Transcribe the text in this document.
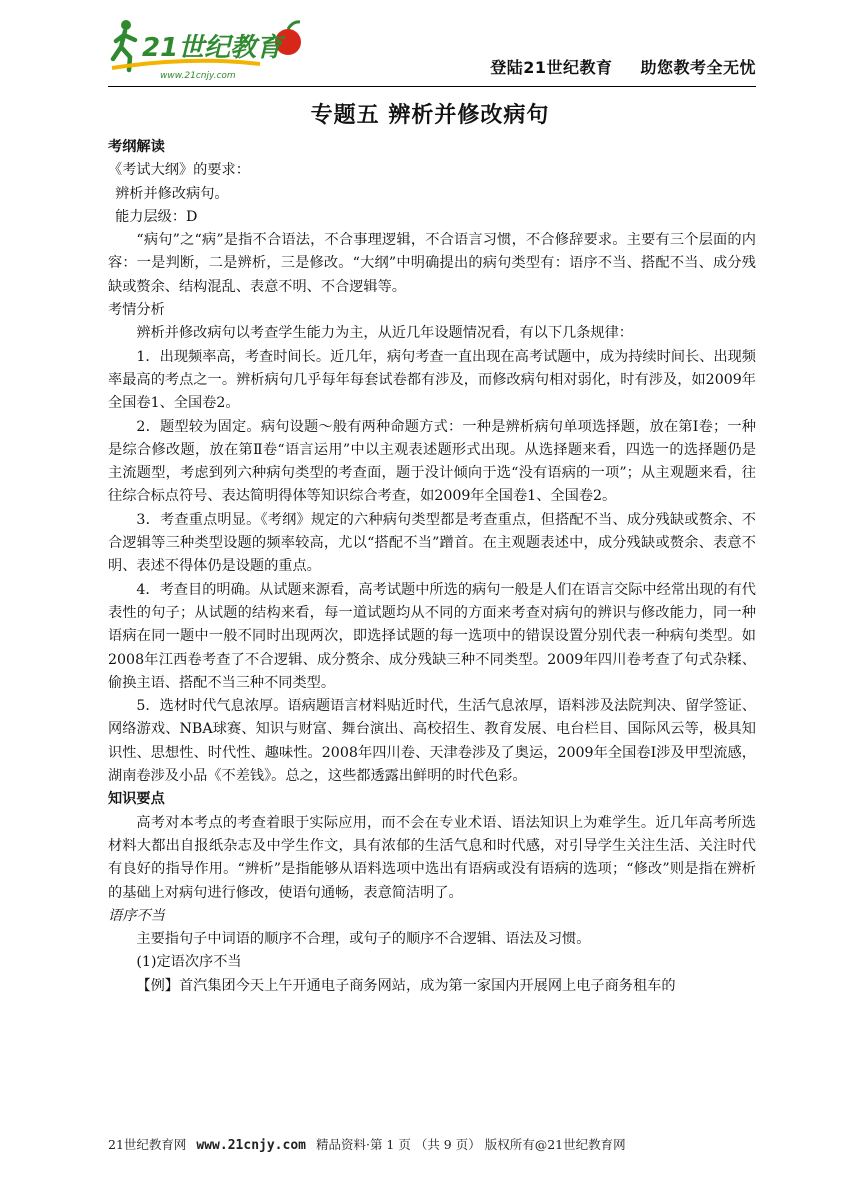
21世纪教育
www.21cnjy.com	登陆21世纪教育 助您教考全无忧
专题五 辨析并修改病句

考纲解读

《考试大纲》的要求：

辨析并修改病句。

能力层级：D

“病句”之“病”是指不合语法，不合事理逻辑，不合语言习惯，不合修辞要求。主要有三个层面的内容：一是判断，二是辨析，三是修改。“大纲”中明确提出的病句类型有：语序不当、搭配不当、成分残缺或赘余、结构混乱、表意不明、不合逻辑等。

考情分析

辨析并修改病句以考查学生能力为主，从近几年设题情况看，有以下几条规律：

1．出现频率高，考查时间长。近几年，病句考查一直出现在高考试题中，成为持续时间长、出现频率最高的考点之一。辨析病句几乎每年每套试卷都有涉及，而修改病句相对弱化，时有涉及，如2009年全国卷1、全国卷2。

2．题型较为固定。病句设题～般有两种命题方式：一种是辨析病句单项选择题，放在第Ⅰ卷；一种是综合修改题，放在第Ⅱ卷“语言运用”中以主观表述题形式出现。从选择题来看，四选一的选择题仍是主流题型，考虑到列六种病句类型的考查面，题于没计倾向于选“没有语病的一项”；从主观题来看，往往综合标点符号、表达简明得体等知识综合考查，如2009年全国卷1、全国卷2。

3．考查重点明显。《考纲》规定的六种病句类型都是考查重点，但搭配不当、成分残缺或赘余、不合逻辑等三种类型设题的频率较高，尤以“搭配不当”蹭首。在主观题表述中，成分残缺或赘余、表意不明、表述不得体仍是设题的重点。

4．考查目的明确。从试题来源看，高考试题中所选的病句一般是人们在语言交际中经常出现的有代表性的句子；从试题的结构来看，每一道试题均从不同的方面来考查对病句的辨识与修改能力，同一种语病在同一题中一般不同时出现两次，即选择试题的每一选项中的错误设置分别代表一种病句类型。如2008年江西卷考查了不合逻辑、成分赘余、成分残缺三种不同类型。2009年四川卷考查了句式杂糅、偷换主语、搭配不当三种不同类型。

5．选材时代气息浓厚。语病题语言材料贴近时代，生活气息浓厚，语料涉及法院判决、留学签证、网络游戏、NBA球赛、知识与财富、舞台演出、高校招生、教育发展、电台栏目、国际风云等，极具知识性、思想性、时代性、趣味性。2008年四川卷、天津卷涉及了奥运，2009年全国卷Ⅰ涉及甲型流感，湖南卷涉及小品《不差钱》。总之，这些都透露出鲜明的时代色彩。

知识要点

高考对本考点的考查着眼于实际应用，而不会在专业术语、语法知识上为难学生。近几年高考所选材料大都出自报纸杂志及中学生作文，具有浓郁的生活气息和时代感，对引导学生关注生活、关注时代有良好的指导作用。“辨析”是指能够从语料选项中选出有语病或没有语病的选项；“修改”则是指在辨析的基础上对病句进行修改，使语句通畅，表意简洁明了。

语序不当

主要指句子中词语的顺序不合理，或句子的顺序不合逻辑、语法及习惯。

(1)定语次序不当

【例】首汽集团今天上午开通电子商务网站，成为第一家国内开展网上电子商务租车的

21世纪教育网 www.21cnjy.com 精品资料·第 1 页 （共 9 页） 版权所有@21世纪教育网
